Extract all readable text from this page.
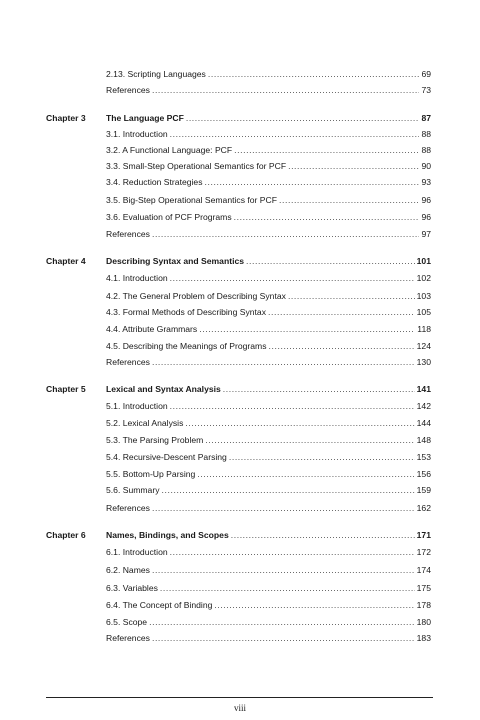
2.13. Scripting Languages .....	69
References .....	73
Chapter 3	The Language PCF .....	87
3.1. Introduction .....	88
3.2. A Functional Language: PCF .....	88
3.3. Small-Step Operational Semantics for PCF .....	90
3.4. Reduction Strategies .....	93
3.5. Big-Step Operational Semantics for PCF .....	96
3.6. Evaluation of PCF Programs .....	96
References .....	97
Chapter 4	Describing Syntax and Semantics .....	101
4.1. Introduction .....	102
4.2. The General Problem of Describing Syntax .....	103
4.3. Formal Methods of Describing Syntax .....	105
4.4. Attribute Grammars .....	118
4.5. Describing the Meanings of Programs .....	124
References .....	130
Chapter 5	Lexical and Syntax Analysis .....	141
5.1. Introduction .....	142
5.2. Lexical Analysis .....	144
5.3. The Parsing Problem .....	148
5.4. Recursive-Descent Parsing .....	153
5.5. Bottom-Up Parsing .....	156
5.6. Summary .....	159
References .....	162
Chapter 6	Names, Bindings, and Scopes .....	171
6.1. Introduction .....	172
6.2. Names .....	174
6.3. Variables .....	175
6.4. The Concept of Binding .....	178
6.5. Scope .....	180
References .....	183
viii
